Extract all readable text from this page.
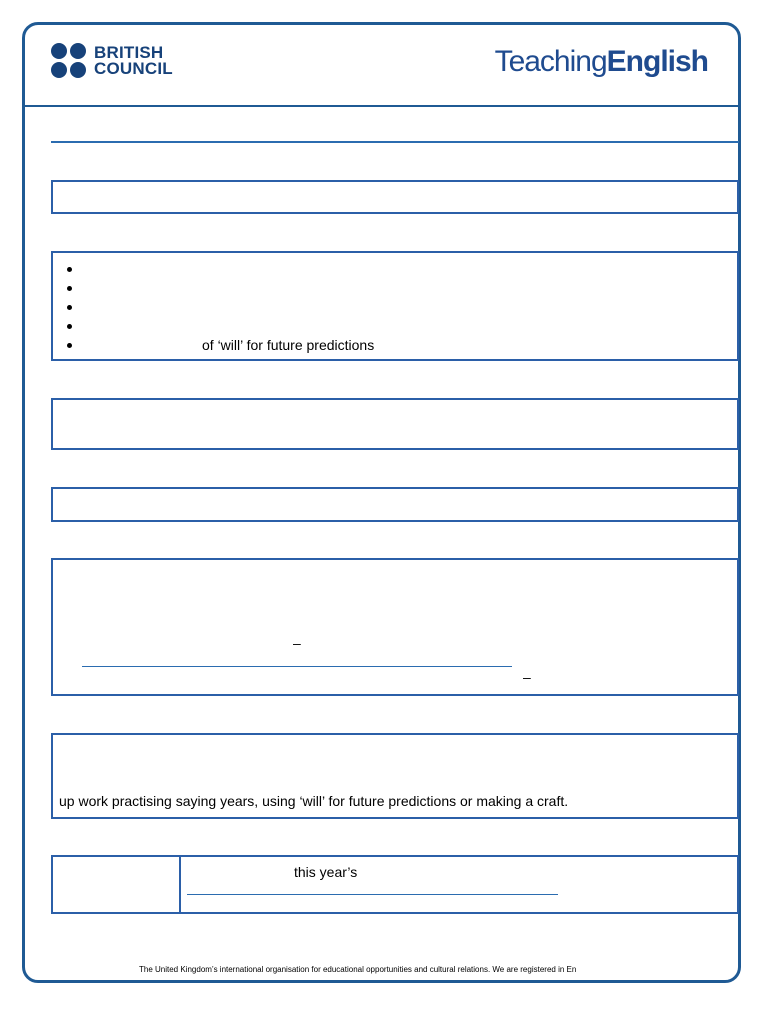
BRITISH
COUNCIL	TeachingEnglish
of ‘will’ for future predictions
–
–
up work practising saying years, using ‘will’ for future predictions or making a craft.
this year’s
The United Kingdom’s international organisation for educational opportunities and cultural relations. We are registered in En
